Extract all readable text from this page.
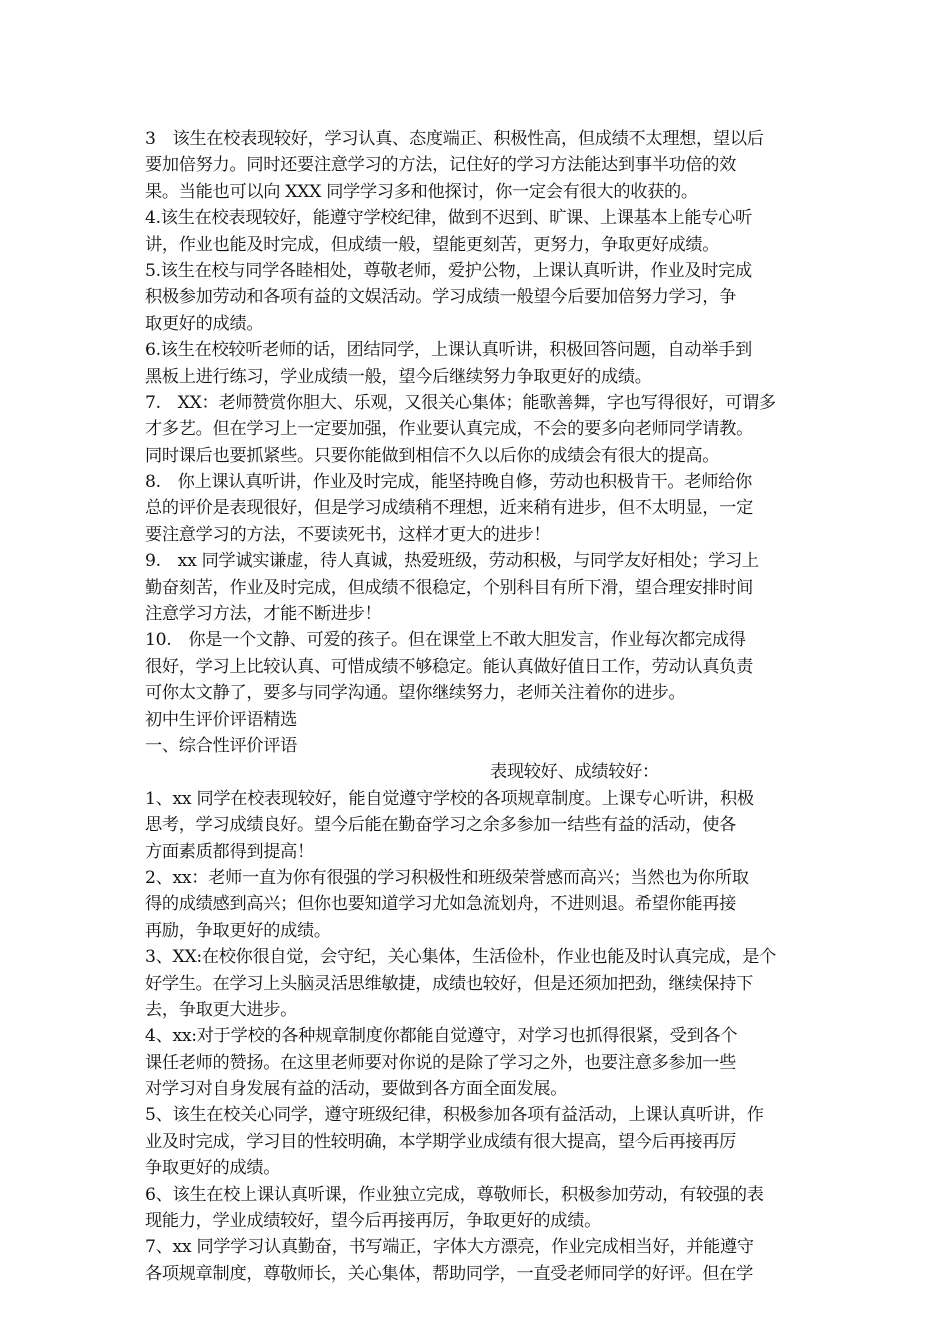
3　该生在校表现较好，学习认真、态度端正、积极性高，但成绩不太理想，望以后
要加倍努力。同时还要注意学习的方法，记住好的学习方法能达到事半功倍的效
果。当能也可以向 XXX 同学学习多和他探讨，你一定会有很大的收获的。
4.该生在校表现较好，能遵守学校纪律，做到不迟到、旷课、上课基本上能专心听
讲，作业也能及时完成，但成绩一般，望能更刻苦，更努力，争取更好成绩。
5.该生在校与同学各睦相处，尊敬老师，爱护公物，上课认真听讲，作业及时完成
积极参加劳动和各项有益的文娱活动。学习成绩一般望今后要加倍努力学习，争
取更好的成绩。
6.该生在校较听老师的话，团结同学，上课认真听讲，积极回答问题，自动举手到
黑板上进行练习，学业成绩一般，望今后继续努力争取更好的成绩。
7.　XX：老师赞赏你胆大、乐观，又很关心集体；能歌善舞，字也写得很好，可谓多
才多艺。但在学习上一定要加强，作业要认真完成，不会的要多向老师同学请教。
同时课后也要抓紧些。只要你能做到相信不久以后你的成绩会有很大的提高。
8.　你上课认真听讲，作业及时完成，能坚持晚自修，劳动也积极肯干。老师给你
总的评价是表现很好，但是学习成绩稍不理想，近来稍有进步，但不太明显，一定
要注意学习的方法，不要读死书，这样才更大的进步！
9.　xx 同学诚实谦虚，待人真诚，热爱班级，劳动积极，与同学友好相处；学习上
勤奋刻苦，作业及时完成，但成绩不很稳定，个别科目有所下滑，望合理安排时间
注意学习方法，才能不断进步！
10.　你是一个文静、可爱的孩子。但在课堂上不敢大胆发言，作业每次都完成得
很好，学习上比较认真、可惜成绩不够稳定。能认真做好值日工作，劳动认真负责
可你太文静了，要多与同学沟通。望你继续努力，老师关注着你的进步。
初中生评价评语精选
一、综合性评价评语
表现较好、成绩较好：
1、xx 同学在校表现较好，能自觉遵守学校的各项规章制度。上课专心听讲，积极
思考，学习成绩良好。望今后能在勤奋学习之余多参加一结些有益的活动，使各
方面素质都得到提高！
2、xx：老师一直为你有很强的学习积极性和班级荣誉感而高兴；当然也为你所取
得的成绩感到高兴；但你也要知道学习尤如急流划舟，不进则退。希望你能再接
再励，争取更好的成绩。
3、XX:在校你很自觉，会守纪，关心集体，生活俭朴，作业也能及时认真完成，是个
好学生。在学习上头脑灵活思维敏捷，成绩也较好，但是还须加把劲，继续保持下
去，争取更大进步。
4、xx:对于学校的各种规章制度你都能自觉遵守，对学习也抓得很紧，受到各个
课任老师的赞扬。在这里老师要对你说的是除了学习之外，也要注意多参加一些
对学习对自身发展有益的活动，要做到各方面全面发展。
5、该生在校关心同学，遵守班级纪律，积极参加各项有益活动，上课认真听讲，作
业及时完成，学习目的性较明确，本学期学业成绩有很大提高，望今后再接再厉
争取更好的成绩。
6、该生在校上课认真听课，作业独立完成，尊敬师长，积极参加劳动，有较强的表
现能力，学业成绩较好，望今后再接再厉，争取更好的成绩。
7、xx 同学学习认真勤奋，书写端正，字体大方漂亮，作业完成相当好，并能遵守
各项规章制度，尊敬师长，关心集体，帮助同学，一直受老师同学的好评。但在学
